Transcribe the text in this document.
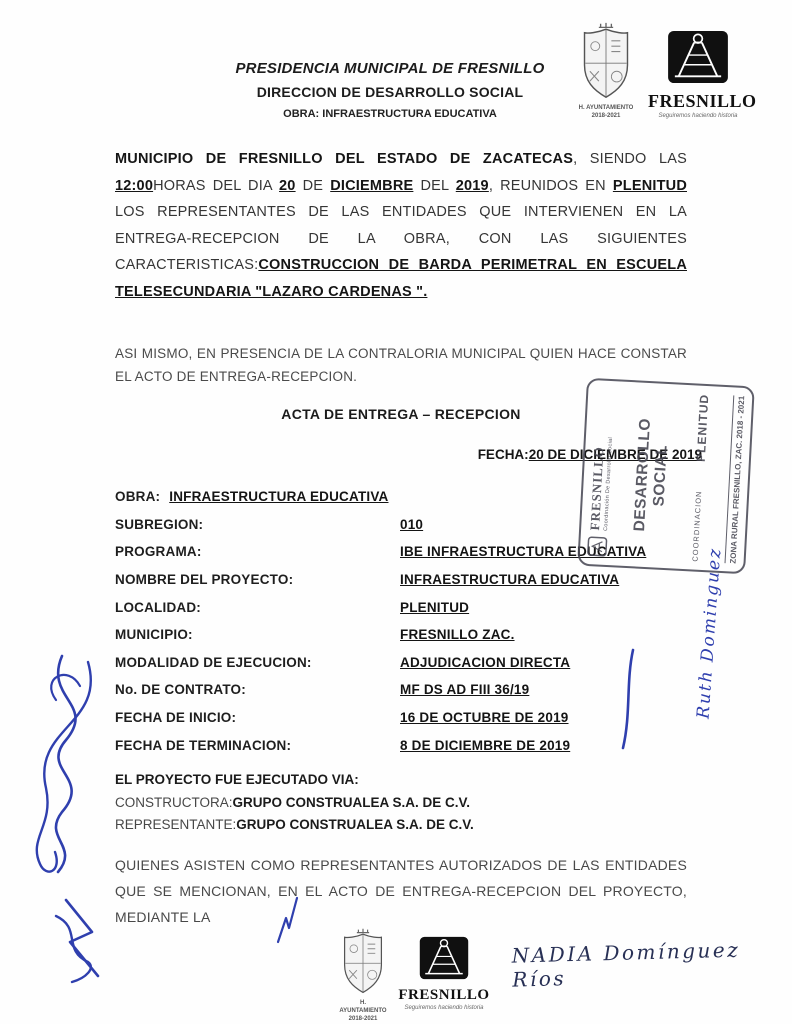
H. AYUNTAMIENTO
2018-2021
FRESNILLO
Seguiremos haciendo historia
PRESIDENCIA MUNICIPAL DE FRESNILLO
DIRECCION DE DESARROLLO SOCIAL
OBRA: INFRAESTRUCTURA EDUCATIVA
MUNICIPIO DE FRESNILLO DEL ESTADO DE ZACATECAS, SIENDO LAS 12:00HORAS DEL DIA 20 DE DICIEMBRE DEL 2019, REUNIDOS EN PLENITUD LOS REPRESENTANTES DE LAS ENTIDADES QUE INTERVIENEN EN LA ENTREGA-RECEPCION DE LA OBRA, CON LAS SIGUIENTES CARACTERISTICAS:CONSTRUCCION DE BARDA PERIMETRAL EN ESCUELA TELESECUNDARIA "LAZARO CARDENAS ".
ASI MISMO, EN PRESENCIA DE LA CONTRALORIA MUNICIPAL QUIEN HACE CONSTAR EL ACTO DE ENTREGA-RECEPCION.
ACTA DE ENTREGA – RECEPCION
FECHA:20 DE DICIEMBRE DE 2019
OBRA: INFRAESTRUCTURA EDUCATIVA
SUBREGION:	010
PROGRAMA:	IBE INFRAESTRUCTURA EDUCATIVA
NOMBRE DEL PROYECTO:	INFRAESTRUCTURA EDUCATIVA
LOCALIDAD:	PLENITUD
MUNICIPIO:	FRESNILLO ZAC.
MODALIDAD DE EJECUCION:	ADJUDICACION DIRECTA
No. DE CONTRATO:	MF DS AD FIII 36/19
FECHA DE INICIO:	16 DE OCTUBRE DE 2019
FECHA DE TERMINACION:	8 DE DICIEMBRE DE 2019
EL PROYECTO FUE EJECUTADO VIA:
CONSTRUCTORA:GRUPO CONSTRUALEA S.A. DE C.V.
REPRESENTANTE:GRUPO CONSTRUALEA S.A. DE C.V.
QUIENES ASISTEN COMO REPRESENTANTES AUTORIZADOS DE LAS ENTIDADES QUE SE MENCIONAN, EN EL ACTO DE ENTREGA-RECEPCION DEL PROYECTO, MEDIANTE LA
FRESNILLO
Coordinación De Desarrollo Social DESARROLLO SOCIAL
COORDINACION
PLENITUD
ZONA RURAL
FRESNILLO, ZAC.
2018 - 2021
Ruth Dominguez
NADIA Domínguez Ríos
H. AYUNTAMIENTO
2018-2021
FRESNILLO
Seguiremos haciendo historia
